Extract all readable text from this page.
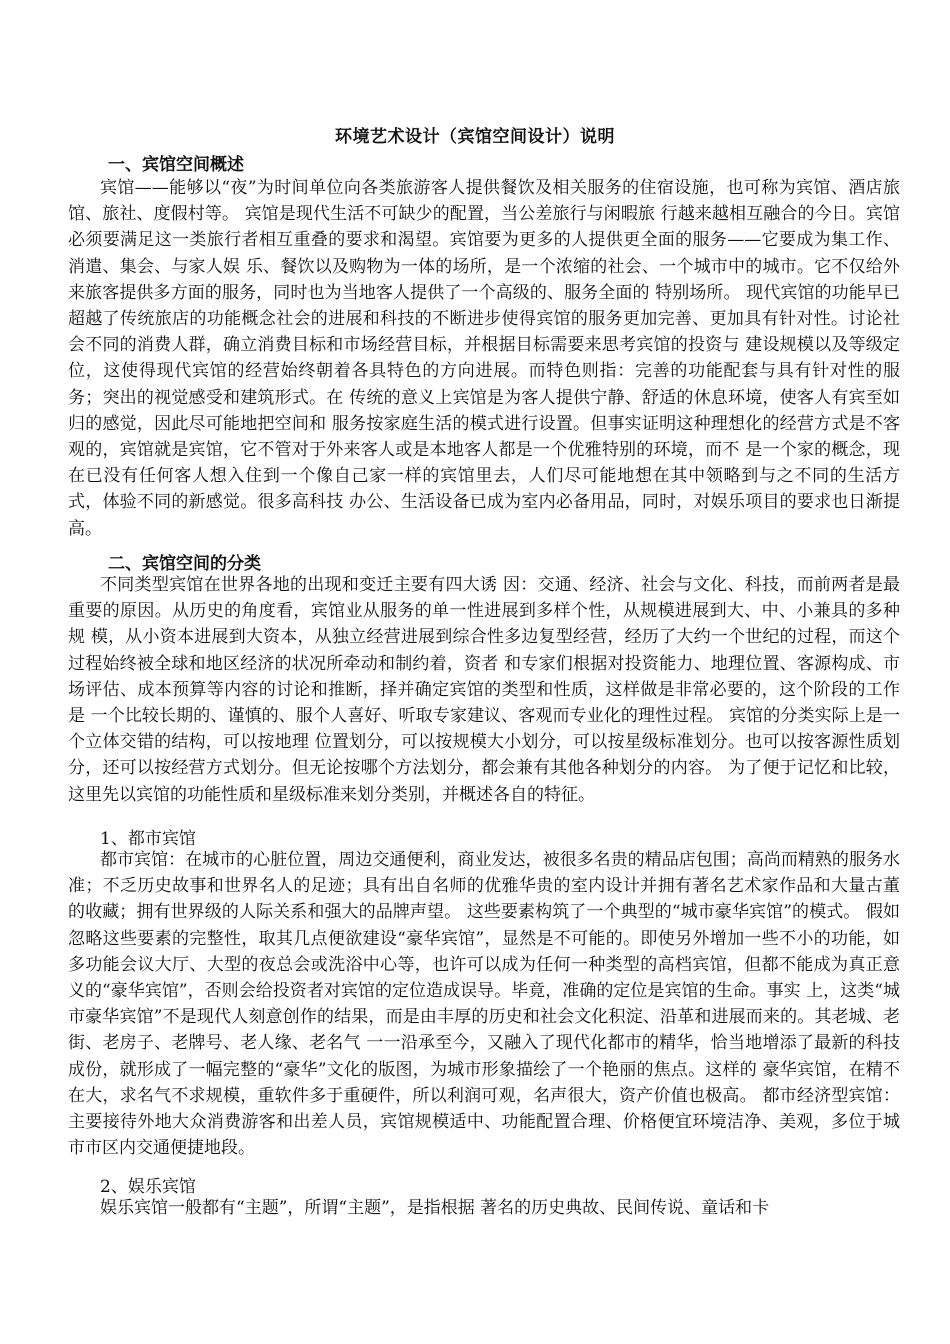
环境艺术设计（宾馆空间设计）说明
一、宾馆空间概述
宾馆——能够以“夜”为时间单位向各类旅游客人提供餐饮及相关服务的住宿设施，也可称为宾馆、酒店旅馆、旅社、度假村等。 宾馆是现代生活不可缺少的配置，当公差旅行与闲暇旅 行越来越相互融合的今日。宾馆必须要满足这一类旅行者相互重叠的要求和渴望。宾馆要为更多的人提供更全面的服务——它要成为集工作、消遣、集会、与家人娱 乐、餐饮以及购物为一体的场所，是一个浓缩的社会、一个城市中的城市。它不仅给外来旅客提供多方面的服务，同时也为当地客人提供了一个高级的、服务全面的 特别场所。 现代宾馆的功能早已超越了传统旅店的功能概念社会的进展和科技的不断进步使得宾馆的服务更加完善、更加具有针对性。讨论社会不同的消费人群，确立消费目标和市场经营目标，并根据目标需要来思考宾馆的投资与 建设规模以及等级定位，这使得现代宾馆的经营始终朝着各具特色的方向进展。而特色则指：完善的功能配套与具有针对性的服务；突出的视觉感受和建筑形式。在 传统的意义上宾馆是为客人提供宁静、舒适的休息环境，使客人有宾至如归的感觉，因此尽可能地把空间和 服务按家庭生活的模式进行设置。但事实证明这种理想化的经营方式是不客观的，宾馆就是宾馆，它不管对于外来客人或是本地客人都是一个优雅特别的环境，而不 是一个家的概念，现在已没有任何客人想入住到一个像自己家一样的宾馆里去，人们尽可能地想在其中领略到与之不同的生活方式，体验不同的新感觉。很多高科技 办公、生活设备已成为室内必备用品，同时，对娱乐项目的要求也日渐提高。
二、宾馆空间的分类
不同类型宾馆在世界各地的出现和变迁主要有四大诱 因：交通、经济、社会与文化、科技，而前两者是最重要的原因。从历史的角度看，宾馆业从服务的单一性进展到多样个性，从规模进展到大、中、小兼具的多种规 模，从小资本进展到大资本，从独立经营进展到综合性多边复型经营，经历了大约一个世纪的过程，而这个过程始终被全球和地区经济的状况所牵动和制约着，资者 和专家们根据对投资能力、地理位置、客源构成、市场评估、成本预算等内容的讨论和推断，择并确定宾馆的类型和性质，这样做是非常必要的，这个阶段的工作是 一个比较长期的、谨慎的、服个人喜好、听取专家建议、客观而专业化的理性过程。 宾馆的分类实际上是一个立体交错的结构，可以按地理 位置划分，可以按规模大小划分，可以按星级标准划分。也可以按客源性质划分，还可以按经营方式划分。但无论按哪个方法划分，都会兼有其他各种划分的内容。 为了便于记忆和比较，这里先以宾馆的功能性质和星级标准来划分类别，并概述各自的特征。
1、都市宾馆
都市宾馆：在城市的心脏位置，周边交通便利，商业发达，被很多名贵的精品店包围；高尚而精熟的服务水准；不乏历史故事和世界名人的足迹；具有出自名师的优雅华贵的室内设计并拥有著名艺术家作品和大量古董的收藏；拥有世界级的人际关系和强大的品牌声望。 这些要素构筑了一个典型的“城市豪华宾馆”的模式。 假如忽略这些要素的完整性，取其几点便欲建设“豪华宾馆”，显然是不可能的。即使另外增加一些不小的功能，如多功能会议大厅、大型的夜总会或洗浴中心等，也许可以成为任何一种类型的高档宾馆，但都不能成为真正意义的“豪华宾馆”，否则会给投资者对宾馆的定位造成误导。毕竟，准确的定位是宾馆的生命。事实 上，这类“城市豪华宾馆”不是现代人刻意创作的结果，而是由丰厚的历史和社会文化积淀、沿革和进展而来的。其老城、老街、老房子、老牌号、老人缘、老名气 一一沿承至今，又融入了现代化都市的精华，恰当地增添了最新的科技成份，就形成了一幅完整的“豪华”文化的版图，为城市形象描绘了一个艳丽的焦点。这样的 豪华宾馆，在精不在大，求名气不求规模，重软件多于重硬件，所以利润可观，名声很大，资产价值也极高。 都市经济型宾馆：主要接待外地大众消费游客和出差人员，宾馆规模适中、功能配置合理、价格便宜环境洁净、美观，多位于城市市区内交通便捷地段。
2、娱乐宾馆
娱乐宾馆一般都有“主题”，所谓“主题”，是指根据 著名的历史典故、民间传说、童话和卡
